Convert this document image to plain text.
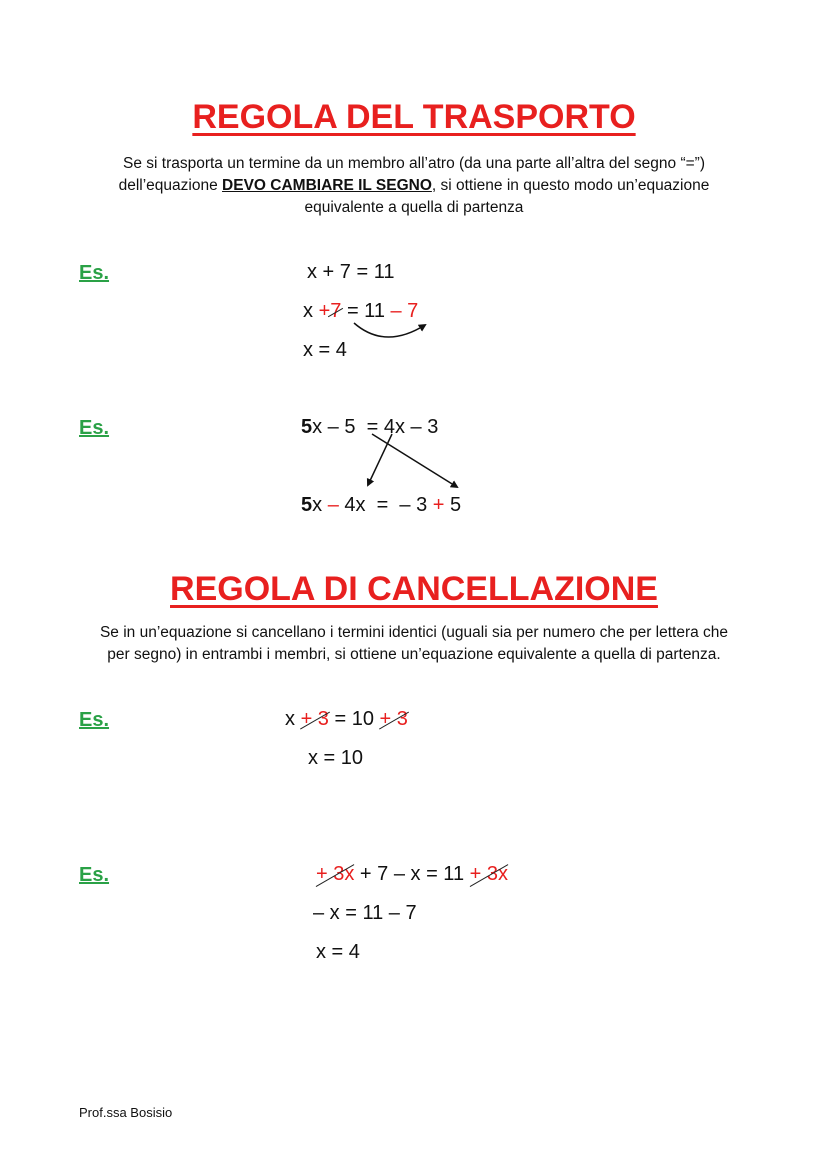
REGOLA DEL TRASPORTO
Se si trasporta un termine da un membro all’atro (da una parte all’altra del segno “=”)
dell’equazione DEVO CAMBIARE IL SEGNO, si ottiene in questo modo un’equazione
equivalente a quella di partenza
Es.	x + 7 = 11
x +7 = 11 – 7
x = 4
Es.	5x – 5  = 4x – 3
5x – 4x  =  – 3 + 5
REGOLA DI CANCELLAZIONE
Se in un’equazione si cancellano i termini identici (uguali sia per numero che per lettera che
per segno) in entrambi i membri, si ottiene un’equazione equivalente a quella di partenza.
Es.	x + 3 = 10 + 3
x = 10
Es.	+ 3x + 7 – x = 11 + 3x
– x = 11 – 7
x = 4
Prof.ssa Bosisio
